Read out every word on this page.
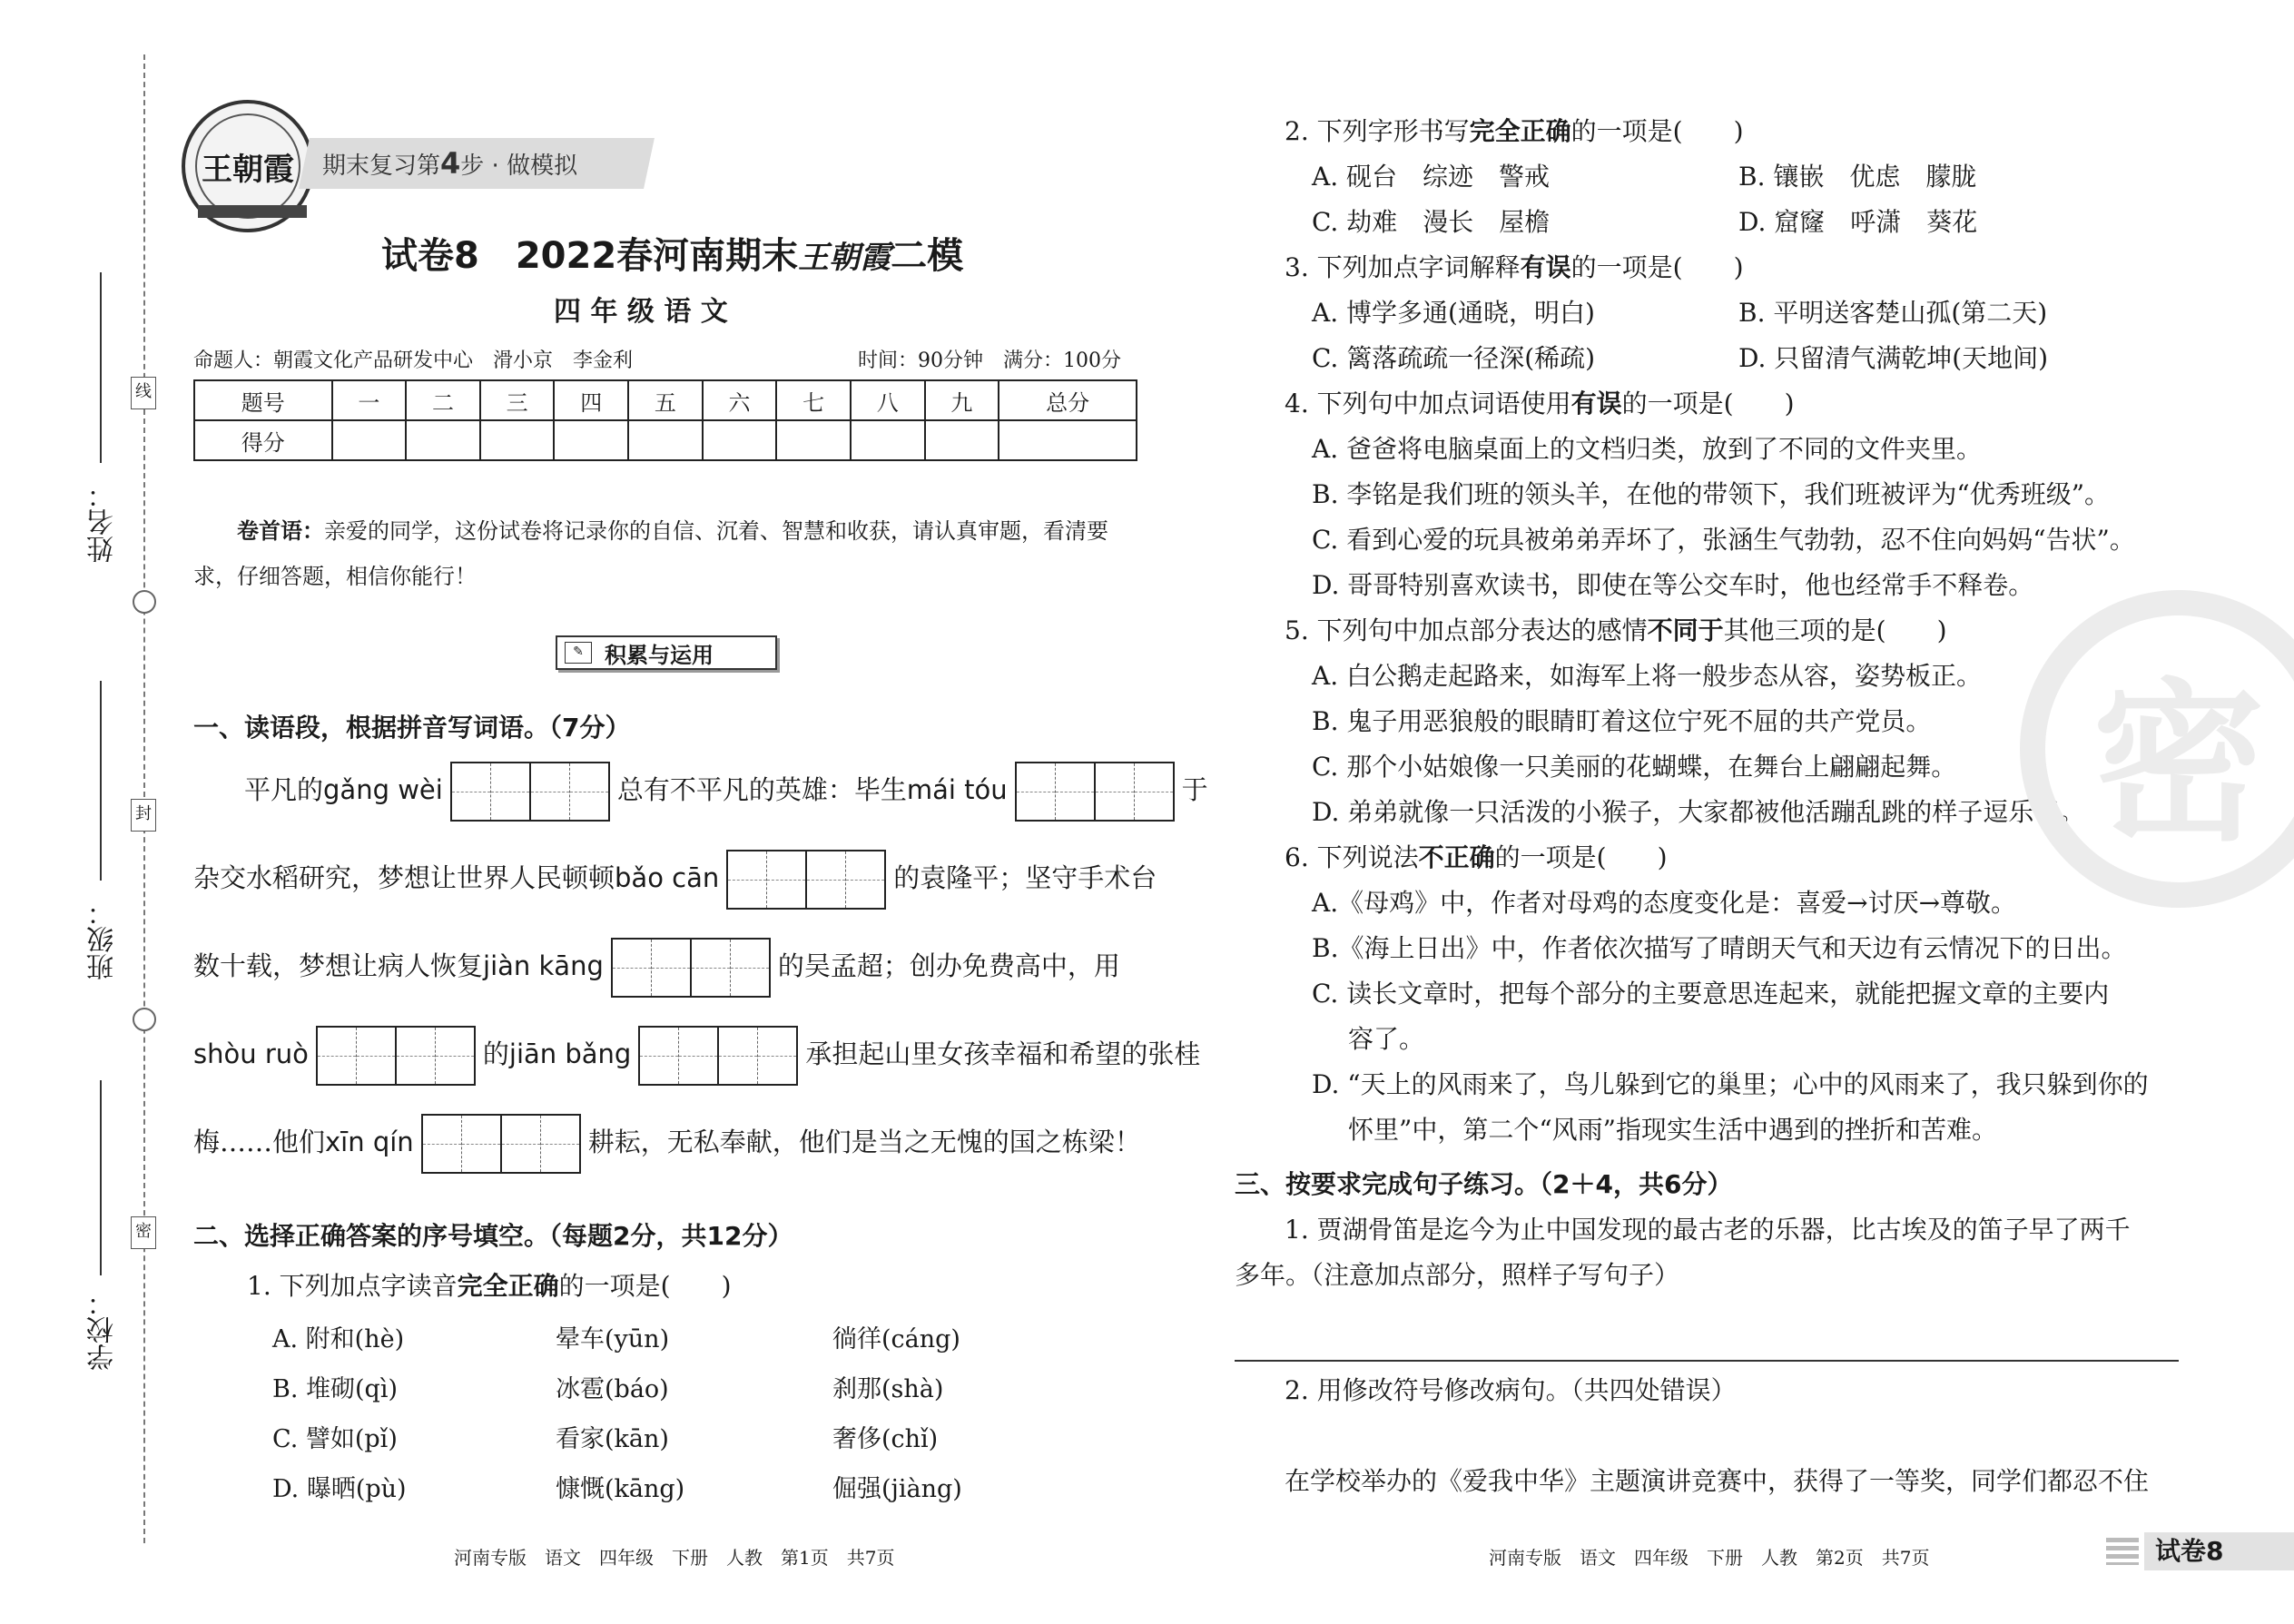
线
封
密
姓名：
班级：
学校：
王朝霞 期末复习第4步 · 做模拟
试卷8　2022春河南期末王朝霞二模
四 年 级 语 文
命题人：朝霞文化产品研发中心　滑小京　李金利	时间：90分钟　满分：100分
题号	一	二	三	四	五	六	七	八	九	总分
得分										
卷首语：亲爱的同学，这份试卷将记录你的自信、沉着、智慧和收获，请认真审题，看清要求，仔细答题，相信你能行！
✎ 积累与运用
一、读语段，根据拼音写词语。（7分）
平凡的gǎng wèi	总有不平凡的英雄：毕生mái tóu	于
杂交水稻研究，梦想让世界人民顿顿bǎo cān	的袁隆平；坚守手术台
数十载，梦想让病人恢复jiàn kāng	的吴孟超；创办免费高中，用
shòu ruò	的jiān bǎng	承担起山里女孩幸福和希望的张桂
梅……他们xīn qín	耕耘，无私奉献，他们是当之无愧的国之栋梁！
二、选择正确答案的序号填空。（每题2分，共12分）
1. 下列加点字读音完全正确的一项是(　　)
A. 附和(hè)	晕车(yūn)	徜徉(cáng)
B. 堆砌(qì)	冰雹(báo)	刹那(shà)
C. 譬如(pǐ)	看家(kān)	奢侈(chǐ)
D. 曝晒(pù)	慷慨(kāng)	倔强(jiàng)
河南专版　语文　四年级　下册　人教　第1页　共7页
2. 下列字形书写完全正确的一项是(　　)
A. 砚台　综迹　警戒	B. 镶嵌　优虑　朦胧
C. 劫难　漫长　屋檐	D. 窟窿　呼潇　葵花
3. 下列加点字词解释有误的一项是(　　)
A. 博学多通(通晓，明白)	B. 平明送客楚山孤(第二天)
C. 篱落疏疏一径深(稀疏)	D. 只留清气满乾坤(天地间)
4. 下列句中加点词语使用有误的一项是(　　)
A. 爸爸将电脑桌面上的文档归类，放到了不同的文件夹里。
B. 李铭是我们班的领头羊，在他的带领下，我们班被评为“优秀班级”。
C. 看到心爱的玩具被弟弟弄坏了，张涵生气勃勃，忍不住向妈妈“告状”。
D. 哥哥特别喜欢读书，即使在等公交车时，他也经常手不释卷。
5. 下列句中加点部分表达的感情不同于其他三项的是(　　)
A. 白公鹅走起路来，如海军上将一般步态从容，姿势板正。
B. 鬼子用恶狼般的眼睛盯着这位宁死不屈的共产党员。
C. 那个小姑娘像一只美丽的花蝴蝶，在舞台上翩翩起舞。
D. 弟弟就像一只活泼的小猴子，大家都被他活蹦乱跳的样子逗乐了。
6. 下列说法不正确的一项是(　　)
A.《母鸡》中，作者对母鸡的态度变化是：喜爱→讨厌→尊敬。
B.《海上日出》中，作者依次描写了晴朗天气和天边有云情况下的日出。
C. 读长文章时，把每个部分的主要意思连起来，就能把握文章的主要内
容了。
D. “天上的风雨来了，鸟儿躲到它的巢里；心中的风雨来了，我只躲到你的
怀里”中，第二个“风雨”指现实生活中遇到的挫折和苦难。
三、按要求完成句子练习。（2＋4，共6分）
1. 贾湖骨笛是迄今为止中国发现的最古老的乐器，比古埃及的笛子早了两千
多年。（注意加点部分，照样子写句子）
2. 用修改符号修改病句。（共四处错误）
在学校举办的《爱我中华》主题演讲竞赛中，获得了一等奖，同学们都忍不住
密
河南专版　语文　四年级　下册　人教　第2页　共7页	试卷8
